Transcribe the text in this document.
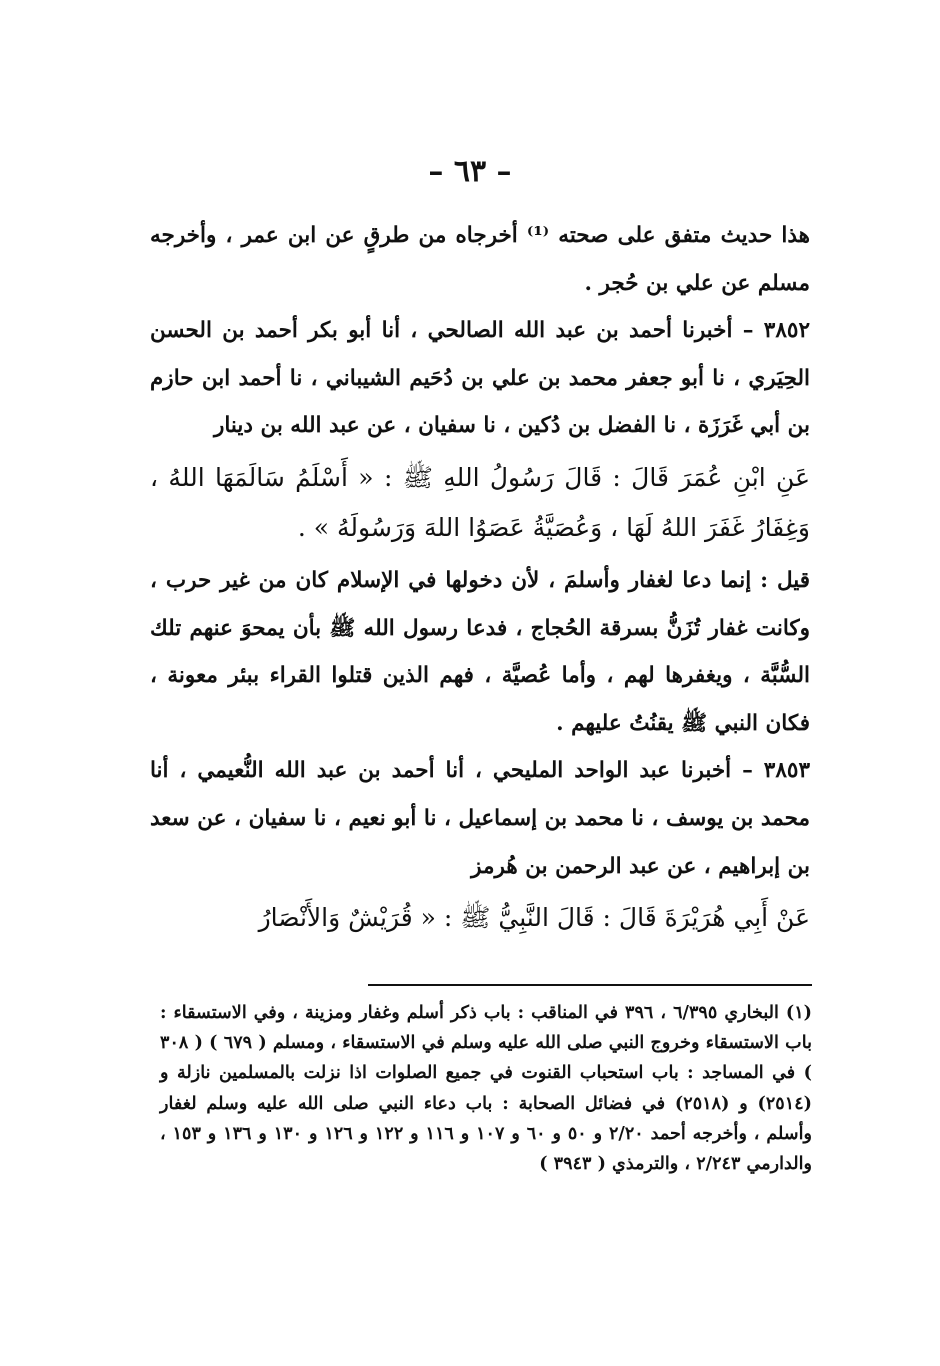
– ٦٣ –

هذا حديث متفق على صحته ⁽¹⁾ أخرجاه من طرقٍ عن ابن عمر ، وأخرجه مسلم عن علي بن حُجر .

٣٨٥٢ – أخبرنا أحمد بن عبد الله الصالحي ، أنا أبو بكر أحمد بن الحسن الحِيَري ، نا أبو جعفر محمد بن علي بن دُحَيم الشيباني ، نا أحمد ابن حازم بن أبي غَرَزَة ، نا الفضل بن دُكين ، نا سفيان ، عن عبد الله بن دينار

عَنِ ابْنِ عُمَرَ قَالَ : قَالَ رَسُولُ اللهِ ﷺ : « أَسْلَمُ سَالَمَهَا اللهُ ، وَغِفَارُ غَفَرَ اللهُ لَهَا ، وَعُصَيَّةُ عَصَوُا اللهَ وَرَسُولَهُ » .

قيل : إنما دعا لغفار وأسلمَ ، لأن دخولها في الإسلام كان من غير حرب ، وكانت غفار تُزَنُّ بسرقة الحُجاج ، فدعا رسول الله ﷺ بأن يمحوَ عنهم تلك السُّبَّة ، ويغفرها لهم ، وأما عُصيَّة ، فهم الذين قتلوا القراء ببئر معونة ، فكان النبي ﷺ يقنُتُ عليهم .

٣٨٥٣ – أخبرنا عبد الواحد المليحي ، أنا أحمد بن عبد الله النُّعيمي ، أنا محمد بن يوسف ، نا محمد بن إسماعيل ، نا أبو نعيم ، نا سفيان ، عن سعد بن إبراهيم ، عن عبد الرحمن بن هُرمز

عَنْ أَبِي هُرَيْرَةَ قَالَ : قَالَ النَّبِيُّ ﷺ : « قُرَيْشٌ وَالأَنْصَارُ

(١) البخاري ٦/٣٩٥ ، ٣٩٦ في المناقب : باب ذكر أسلم وغفار ومزينة ، وفي الاستسقاء : باب الاستسقاء وخروج النبي صلى الله عليه وسلم في الاستسقاء ، ومسلم ( ٦٧٩ ) ( ٣٠٨ ) في المساجد : باب استحباب القنوت في جميع الصلوات اذا نزلت بالمسلمين نازلة و (٢٥١٤) و (٢٥١٨) في فضائل الصحابة : باب دعاء النبي صلى الله عليه وسلم لغفار وأسلم ، وأخرجه أحمد ٢/٢٠ و ٥٠ و ٦٠ و ١٠٧ و ١١٦ و ١٢٢ و ١٢٦ و ١٣٠ و ١٣٦ و ١٥٣ ، والدارمي ٢/٢٤٣ ، والترمذي ( ٣٩٤٣ )
